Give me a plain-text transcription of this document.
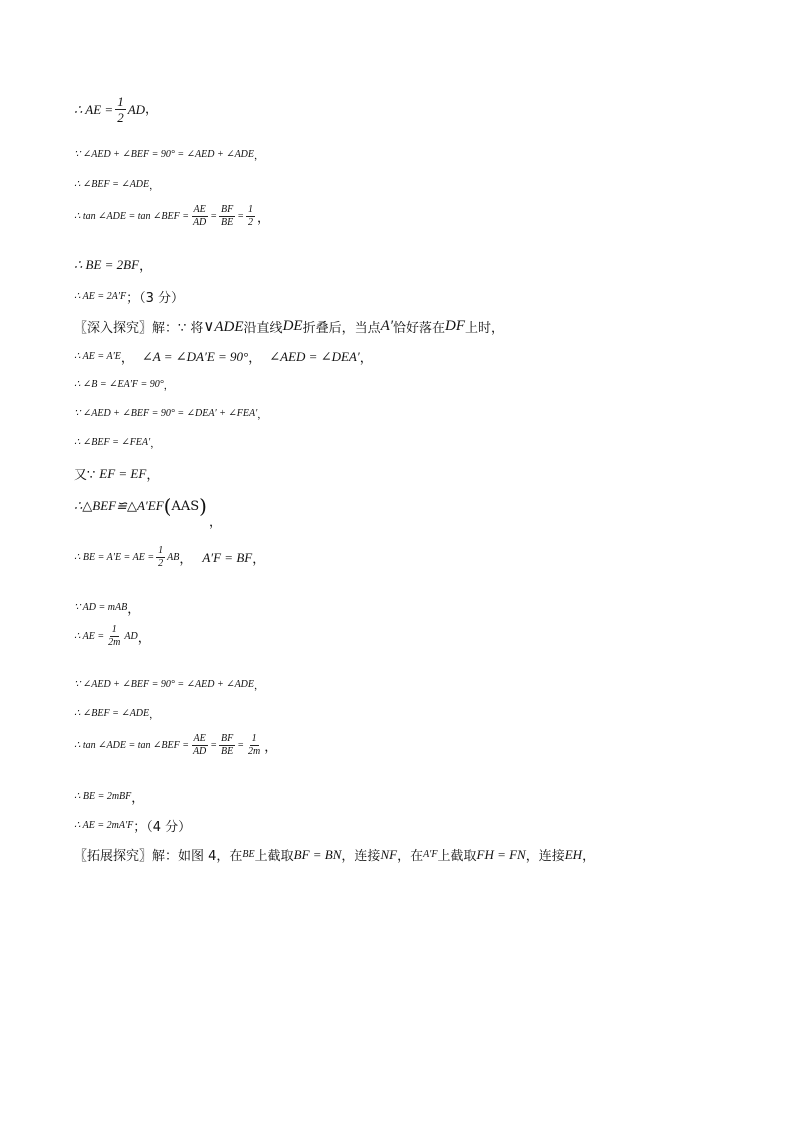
∴ AE = $\frac{1}{2}$ AD ，
∵ ∠AED + ∠BEF = 90° = ∠AED + ∠ADE ，
∴ ∠BEF = ∠ADE ，
∴ tan ∠ADE = tan ∠BEF = $\frac{AE}{AD} = \frac{BF}{BE} = \frac{1}{2}$ ，
∴ BE = 2BF ，
∴ AE = 2A′F ；（3 分）
〖深入探究〗解：∵ 将 ∨ADE 沿直线 DE 折叠后，当点 A′ 恰好落在 DF 上时，
∴ AE = A′E ， ∠A = ∠DA′E = 90° ， ∠AED = ∠DEA′ ，
∴ ∠B = ∠EA′F = 90° ，
∵ ∠AED + ∠BEF = 90° = ∠DEA′ + ∠FEA′ ，
∴ ∠BEF = ∠FEA′ ，
又∵ EF = EF ，
∴△BEF≌△A′EF ( AAS )
，
∴ BE = A′E = AE = $\frac{1}{2}$ AB ， A′F = BF ，
∵ AD = mAB ，
∴ AE = $\frac{1}{2m}$ AD ，
∵ ∠AED + ∠BEF = 90° = ∠AED + ∠ADE ，
∴ ∠BEF = ∠ADE ，
∴ tan ∠ADE = tan ∠BEF = $\frac{AE}{AD} = \frac{BF}{BE} = \frac{1}{2m}$ ，
∴ BE = 2mBF ，
∴ AE = 2mA′F ；（4 分）
〖拓展探究〗解：如图 4，在 BE 上截取 BF = BN ，连接 NF ，在 A′F 上截取 FH = FN ，连接 EH ，
